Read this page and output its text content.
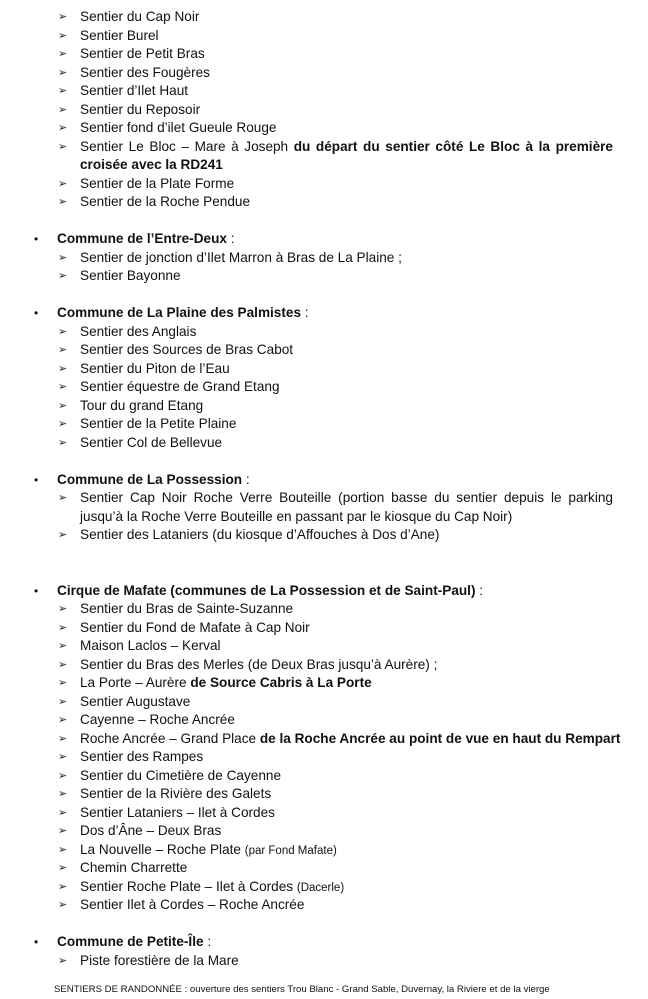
➢ Sentier du Cap Noir
➢ Sentier Burel
➢ Sentier de Petit Bras
➢ Sentier des Fougères
➢ Sentier d’Ilet Haut
➢ Sentier du Reposoir
➢ Sentier fond d’ilet Gueule Rouge
➢ Sentier Le Bloc – Mare à Joseph du départ du sentier côté Le Bloc à la première croisée avec la RD241
➢ Sentier de la Plate Forme
➢ Sentier de la Roche Pendue
• Commune de l’Entre-Deux :
➢ Sentier de jonction d’Ilet Marron à Bras de La Plaine ;
➢ Sentier Bayonne
• Commune de La Plaine des Palmistes :
➢ Sentier des Anglais
➢ Sentier des Sources de Bras Cabot
➢ Sentier du Piton de l’Eau
➢ Sentier équestre de Grand Etang
➢ Tour du grand Etang
➢ Sentier de la Petite Plaine
➢ Sentier Col de Bellevue
• Commune de La Possession :
➢ Sentier Cap Noir Roche Verre Bouteille (portion basse du sentier depuis le parking jusqu’à la Roche Verre Bouteille en passant par le kiosque du Cap Noir)
➢ Sentier des Lataniers (du kiosque d’Affouches à Dos d’Ane)
• Cirque de Mafate (communes de La Possession et de Saint-Paul) :
➢ Sentier du Bras de Sainte-Suzanne
➢ Sentier du Fond de Mafate à Cap Noir
➢ Maison Laclos – Kerval
➢ Sentier du Bras des Merles (de Deux Bras jusqu’à Aurère) ;
➢ La Porte – Aurère de Source Cabris à La Porte
➢ Sentier Augustave
➢ Cayenne – Roche Ancrée
➢ Roche Ancrée – Grand Place de la Roche Ancrée au point de vue en haut du Rempart
➢ Sentier des Rampes
➢ Sentier du Cimetière de Cayenne
➢ Sentier de la Rivière des Galets
➢ Sentier Lataniers – Ilet à Cordes
➢ Dos d’Âne – Deux Bras
➢ La Nouvelle – Roche Plate (par Fond Mafate)
➢ Chemin Charrette
➢ Sentier Roche Plate – Ilet à Cordes (Dacerle)
➢ Sentier Ilet à Cordes – Roche Ancrée
• Commune de Petite-Île :
➢ Piste forestière de la Mare
SENTIERS DE RANDONNÉE : ouverture des sentiers Trou Blanc - Grand Sable, Duvernay, la Riviere et de la vierge
